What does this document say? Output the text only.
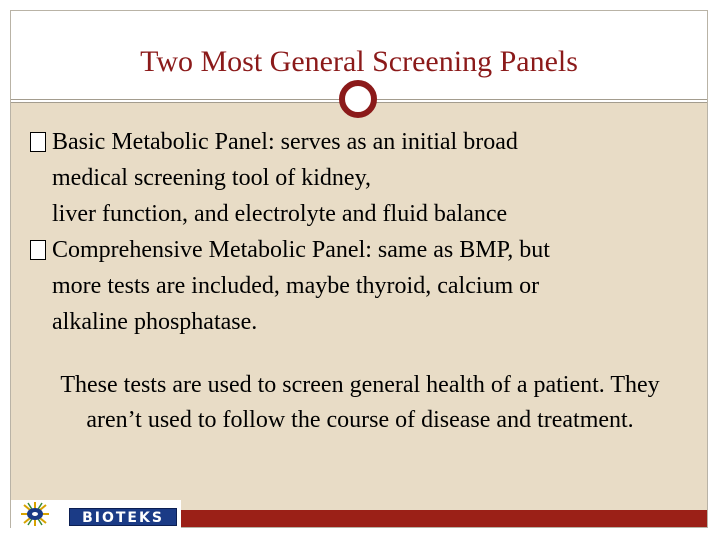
Two Most General Screening Panels
Basic Metabolic Panel: serves as an initial broad
medical screening tool of kidney,
liver function, and electrolyte and fluid balance
Comprehensive Metabolic Panel: same as BMP, but
more tests are included, maybe thyroid, calcium or
alkaline phosphatase.
These tests are used to screen general health of a patient. They aren’t used to follow the course of disease and treatment.
BIOTEKS
